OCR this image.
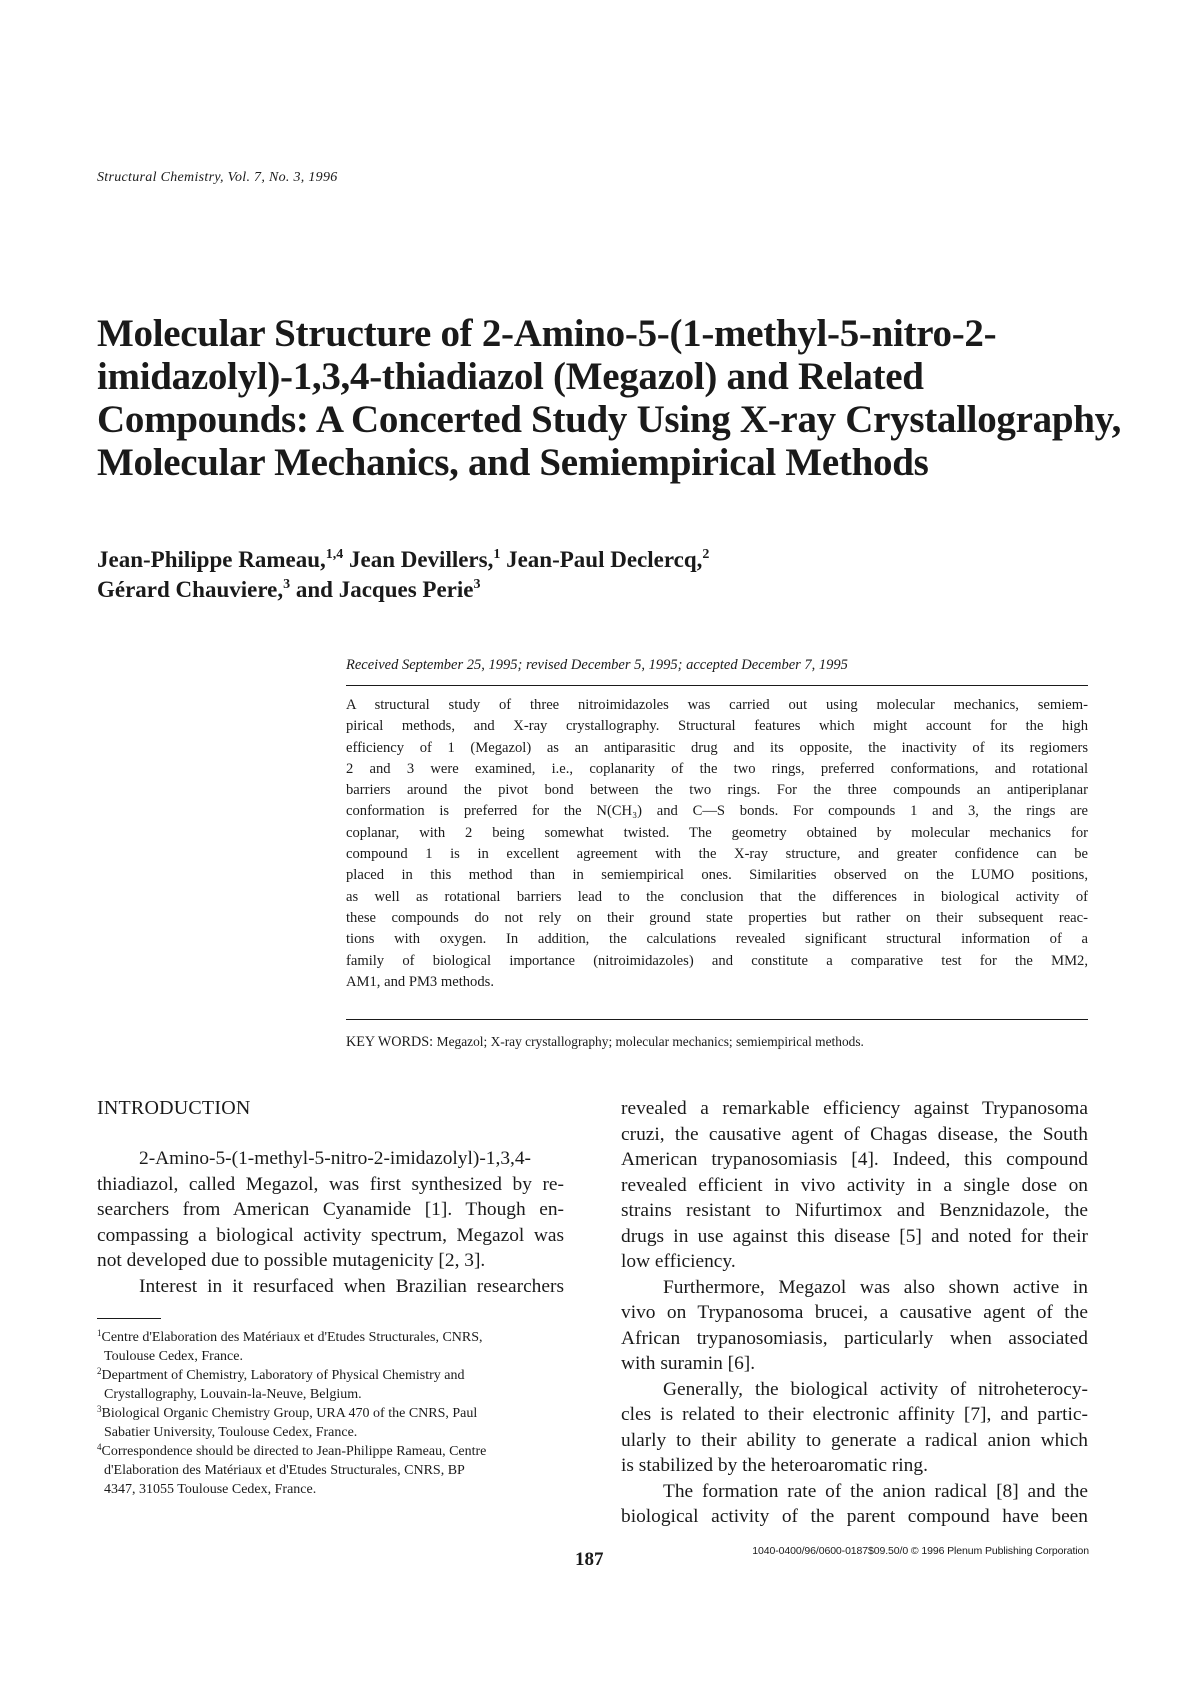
Structural Chemistry, Vol. 7, No. 3, 1996
Molecular Structure of 2-Amino-5-(1-methyl-5-nitro-2-
imidazolyl)-1,3,4-thiadiazol (Megazol) and Related
Compounds: A Concerted Study Using X-ray Crystallography,
Molecular Mechanics, and Semiempirical Methods
Jean-Philippe Rameau,$^{1,4}$ Jean Devillers,$^1$ Jean-Paul Declercq,$^2$
Gérard Chauviere,$^3$ and Jacques Perie$^3$
Received September 25, 1995; revised December 5, 1995; accepted December 7, 1995
A structural study of three nitroimidazoles was carried out using molecular mechanics, semiem-
pirical methods, and X-ray crystallography. Structural features which might account for the high
efficiency of 1 (Megazol) as an antiparasitic drug and its opposite, the inactivity of its regiomers
2 and 3 were examined, i.e., coplanarity of the two rings, preferred conformations, and rotational
barriers around the pivot bond between the two rings. For the three compounds an antiperiplanar
conformation is preferred for the N(CH₃) and C—S bonds. For compounds 1 and 3, the rings are
coplanar, with 2 being somewhat twisted. The geometry obtained by molecular mechanics for
compound 1 is in excellent agreement with the X-ray structure, and greater confidence can be
placed in this method than in semiempirical ones. Similarities observed on the LUMO positions,
as well as rotational barriers lead to the conclusion that the differences in biological activity of
these compounds do not rely on their ground state properties but rather on their subsequent reac-
tions with oxygen. In addition, the calculations revealed significant structural information of a
family of biological importance (nitroimidazoles) and constitute a comparative test for the MM2,
AM1, and PM3 methods.
KEY WORDS: Megazol; X-ray crystallography; molecular mechanics; semiempirical methods.
INTRODUCTION
2-Amino-5-(1-methyl-5-nitro-2-imidazolyl)-1,3,4-
thiadiazol, called Megazol, was first synthesized by re-
searchers from American Cyanamide [1]. Though en-
compassing a biological activity spectrum, Megazol was
not developed due to possible mutagenicity [2, 3].
Interest in it resurfaced when Brazilian researchers
$^1$Centre d'Elaboration des Matériaux et d'Etudes Structurales, CNRS,
Toulouse Cedex, France.
$^2$Department of Chemistry, Laboratory of Physical Chemistry and
Crystallography, Louvain-la-Neuve, Belgium.
$^3$Biological Organic Chemistry Group, URA 470 of the CNRS, Paul
Sabatier University, Toulouse Cedex, France.
$^4$Correspondence should be directed to Jean-Philippe Rameau, Centre
d'Elaboration des Matériaux et d'Etudes Structurales, CNRS, BP
4347, 31055 Toulouse Cedex, France.
revealed a remarkable efficiency against Trypanosoma
cruzi, the causative agent of Chagas disease, the South
American trypanosomiasis [4]. Indeed, this compound
revealed efficient in vivo activity in a single dose on
strains resistant to Nifurtimox and Benznidazole, the
drugs in use against this disease [5] and noted for their
low efficiency.
Furthermore, Megazol was also shown active in
vivo on Trypanosoma brucei, a causative agent of the
African trypanosomiasis, particularly when associated
with suramin [6].
Generally, the biological activity of nitroheterocy-
cles is related to their electronic affinity [7], and partic-
ularly to their ability to generate a radical anion which
is stabilized by the heteroaromatic ring.
The formation rate of the anion radical [8] and the
biological activity of the parent compound have been
187	1040-0400/96/0600-0187$09.50/0 © 1996 Plenum Publishing Corporation
